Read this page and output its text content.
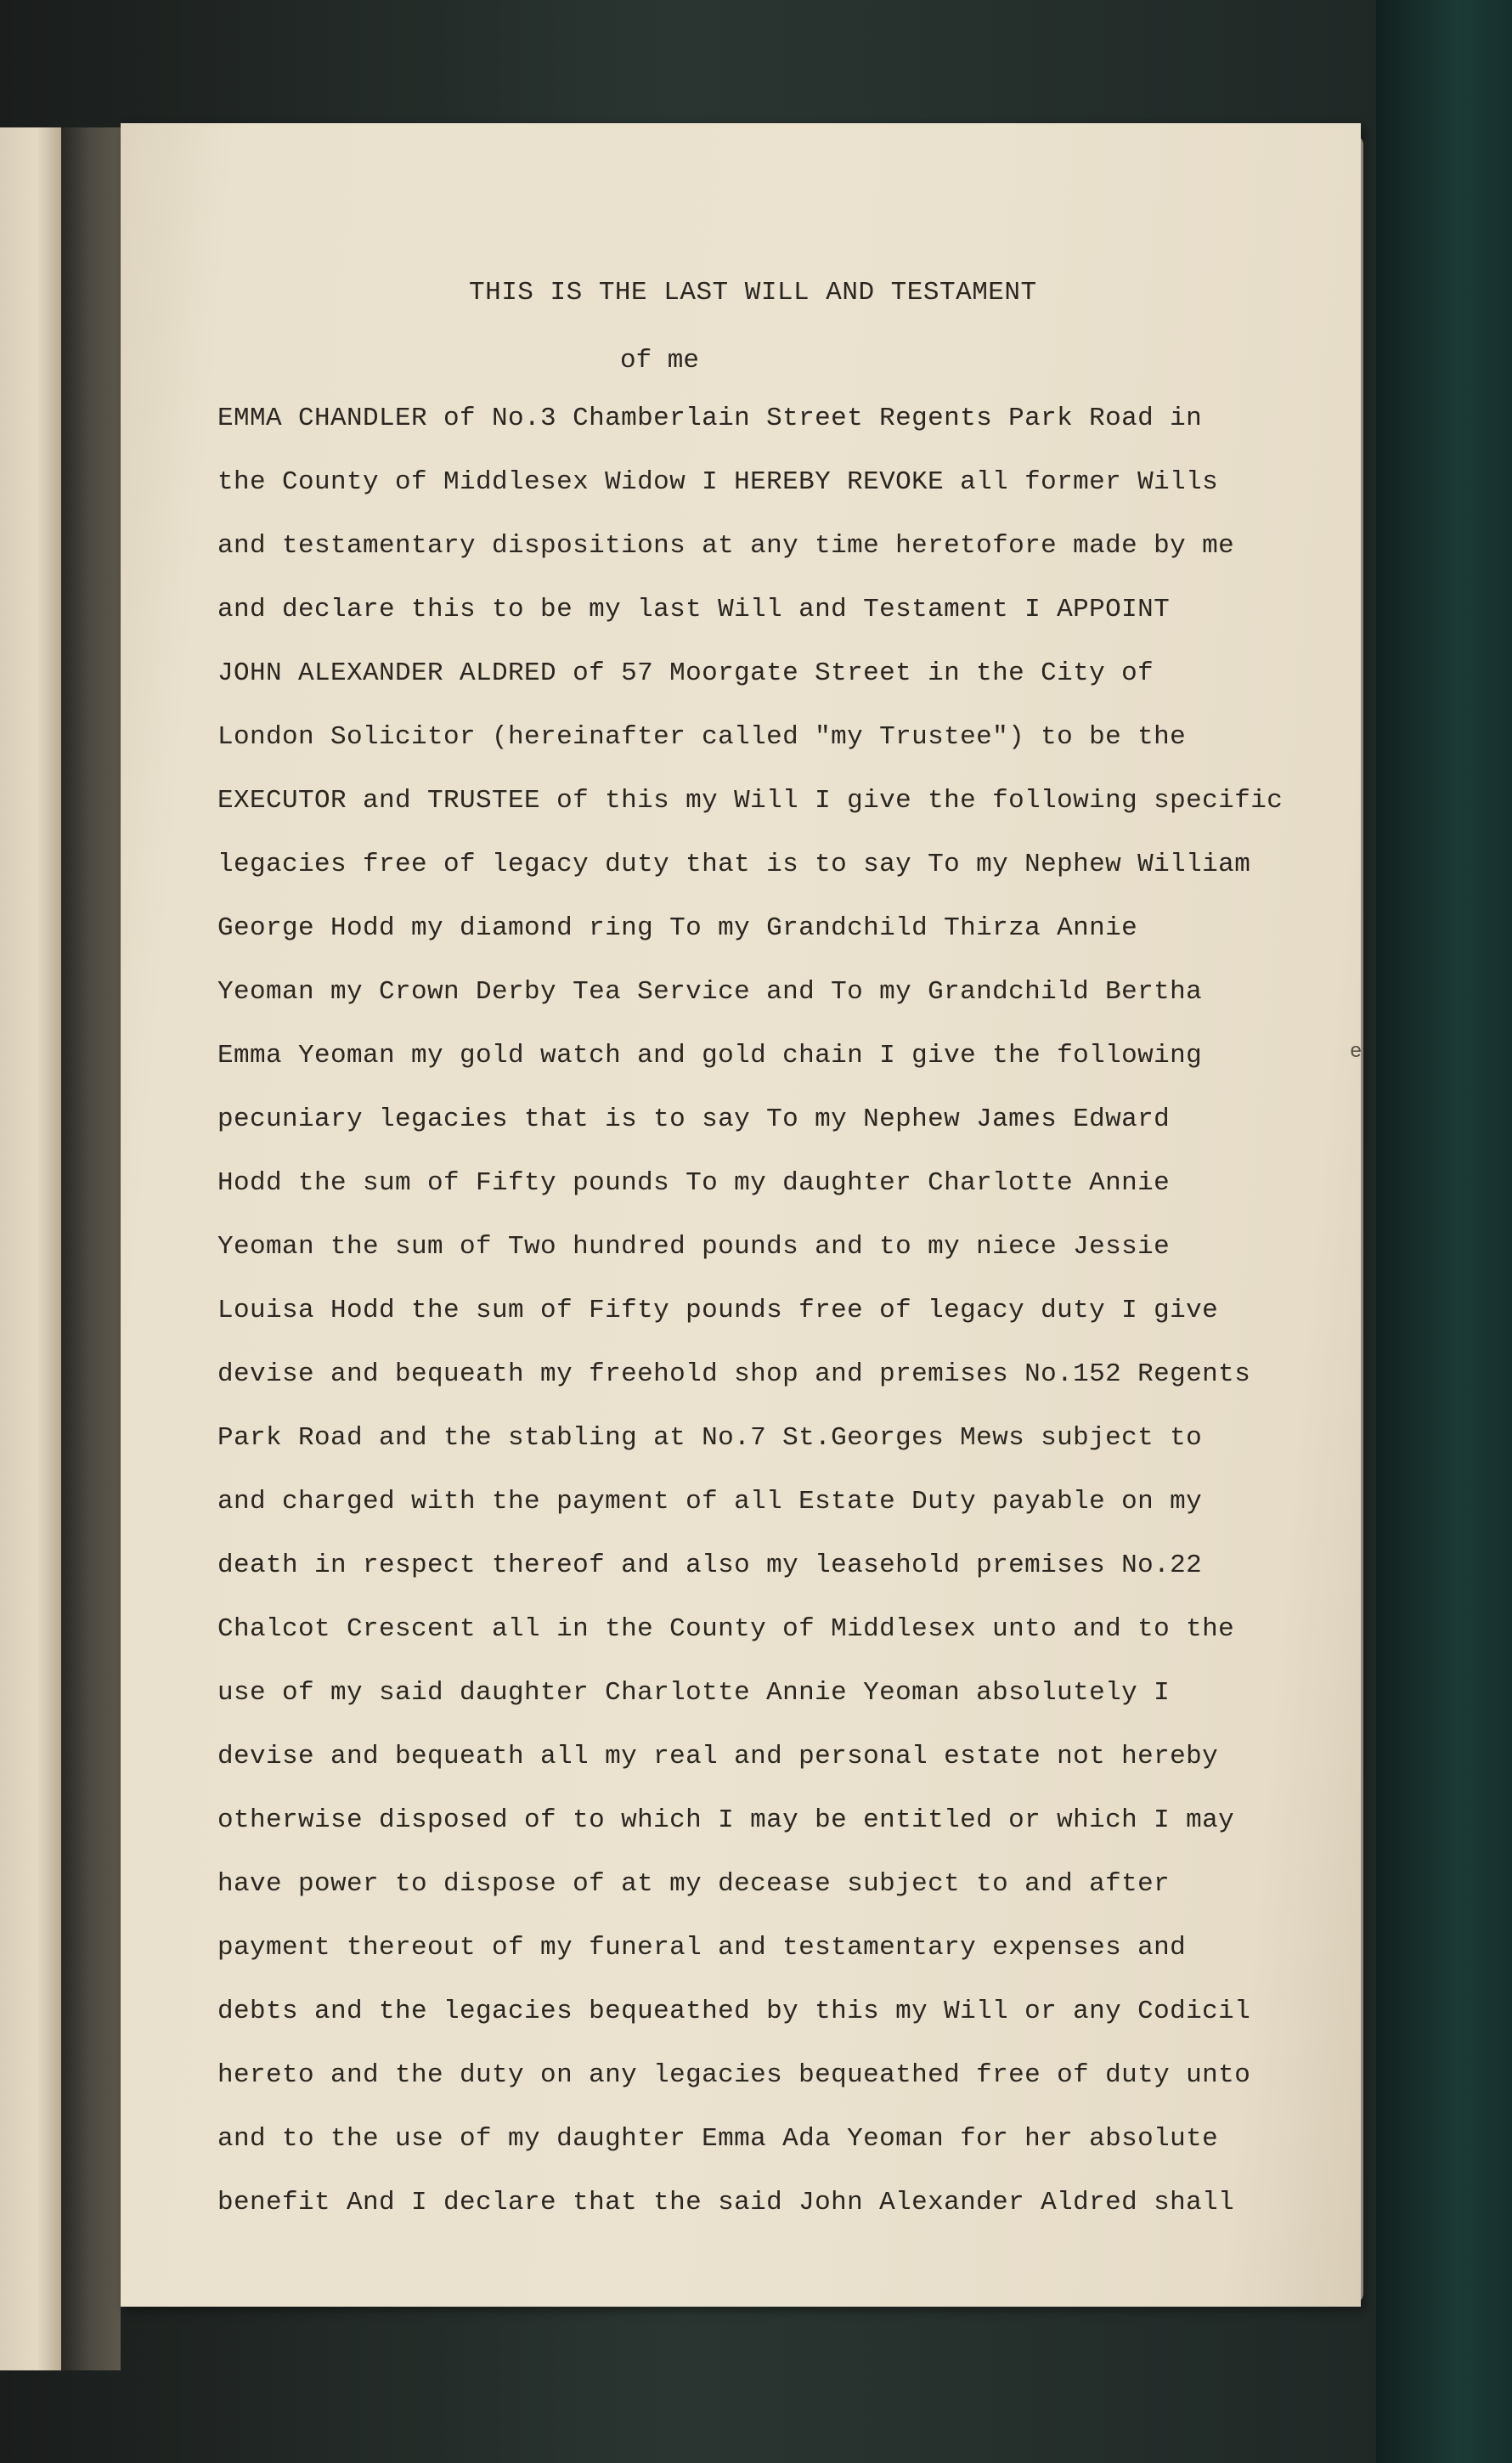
THIS IS THE LAST WILL AND TESTAMENT
of me
EMMA CHANDLER of No.3 Chamberlain Street Regents Park Road in
the County of Middlesex Widow I HEREBY REVOKE all former Wills
and testamentary dispositions at any time heretofore made by me
and declare this to be my last Will and Testament I APPOINT
JOHN ALEXANDER ALDRED of 57 Moorgate Street in the City of
London Solicitor (hereinafter called "my Trustee") to be the
EXECUTOR and TRUSTEE of this my Will I give the following specific
legacies free of legacy duty that is to say To my Nephew William
George Hodd my diamond ring To my Grandchild Thirza Annie
Yeoman my Crown Derby Tea Service and To my Grandchild Bertha
Emma Yeoman my gold watch and gold chain I give the following
pecuniary legacies that is to say To my Nephew James Edward
Hodd the sum of Fifty pounds To my daughter Charlotte Annie
Yeoman the sum of Two hundred pounds and to my niece Jessie
Louisa Hodd the sum of Fifty pounds free of legacy duty I give
devise and bequeath my freehold shop and premises No.152 Regents
Park Road and the stabling at No.7 St.Georges Mews subject to
and charged with the payment of all Estate Duty payable on my
death in respect thereof and also my leasehold premises No.22
Chalcot Crescent all in the County of Middlesex unto and to the
use of my said daughter Charlotte Annie Yeoman absolutely I
devise and bequeath all my real and personal estate not hereby
otherwise disposed of to which I may be entitled or which I may
have power to dispose of at my decease subject to and after
payment thereout of my funeral and testamentary expenses and
debts and the legacies bequeathed by this my Will or any Codicil
hereto and the duty on any legacies bequeathed free of duty unto
and to the use of my daughter Emma Ada Yeoman for her absolute
benefit And I declare that the said John Alexander Aldred shall
e
